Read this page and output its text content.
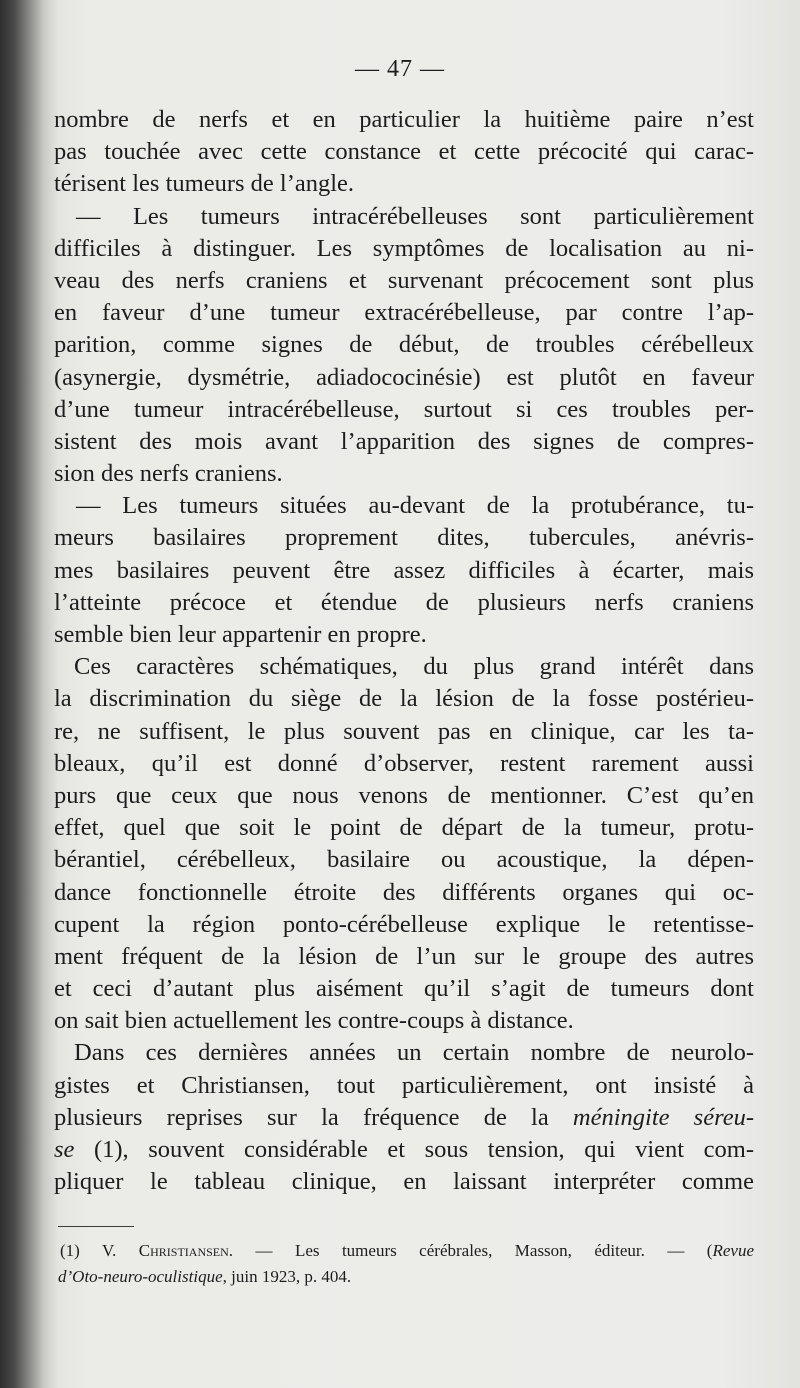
— 47 —
nombre de nerfs et en particulier la huitième paire n’est
pas touchée avec cette constance et cette précocité qui carac-
térisent les tumeurs de l’angle.
— Les tumeurs intracérébelleuses sont particulièrement
difficiles à distinguer. Les symptômes de localisation au ni-
veau des nerfs craniens et survenant précocement sont plus
en faveur d’une tumeur extracérébelleuse, par contre l’ap-
parition, comme signes de début, de troubles cérébelleux
(asynergie, dysmétrie, adiadococinésie) est plutôt en faveur
d’une tumeur intracérébelleuse, surtout si ces troubles per-
sistent des mois avant l’apparition des signes de compres-
sion des nerfs craniens.
— Les tumeurs situées au-devant de la protubérance, tu-
meurs basilaires proprement dites, tubercules, anévris-
mes basilaires peuvent être assez difficiles à écarter, mais
l’atteinte précoce et étendue de plusieurs nerfs craniens
semble bien leur appartenir en propre.
Ces caractères schématiques, du plus grand intérêt dans
la discrimination du siège de la lésion de la fosse postérieu-
re, ne suffisent, le plus souvent pas en clinique, car les ta-
bleaux, qu’il est donné d’observer, restent rarement aussi
purs que ceux que nous venons de mentionner. C’est qu’en
effet, quel que soit le point de départ de la tumeur, protu-
bérantiel, cérébelleux, basilaire ou acoustique, la dépen-
dance fonctionnelle étroite des différents organes qui oc-
cupent la région ponto-cérébelleuse explique le retentisse-
ment fréquent de la lésion de l’un sur le groupe des autres
et ceci d’autant plus aisément qu’il s’agit de tumeurs dont
on sait bien actuellement les contre-coups à distance.
Dans ces dernières années un certain nombre de neurolo-
gistes et Christiansen, tout particulièrement, ont insisté à
plusieurs reprises sur la fréquence de la méningite séreu-
se (1), souvent considérable et sous tension, qui vient com-
pliquer le tableau clinique, en laissant interpréter comme
(1) V. Christiansen. — Les tumeurs cérébrales, Masson, éditeur. — (Revue
d’Oto-neuro-oculistique, juin 1923, p. 404.
